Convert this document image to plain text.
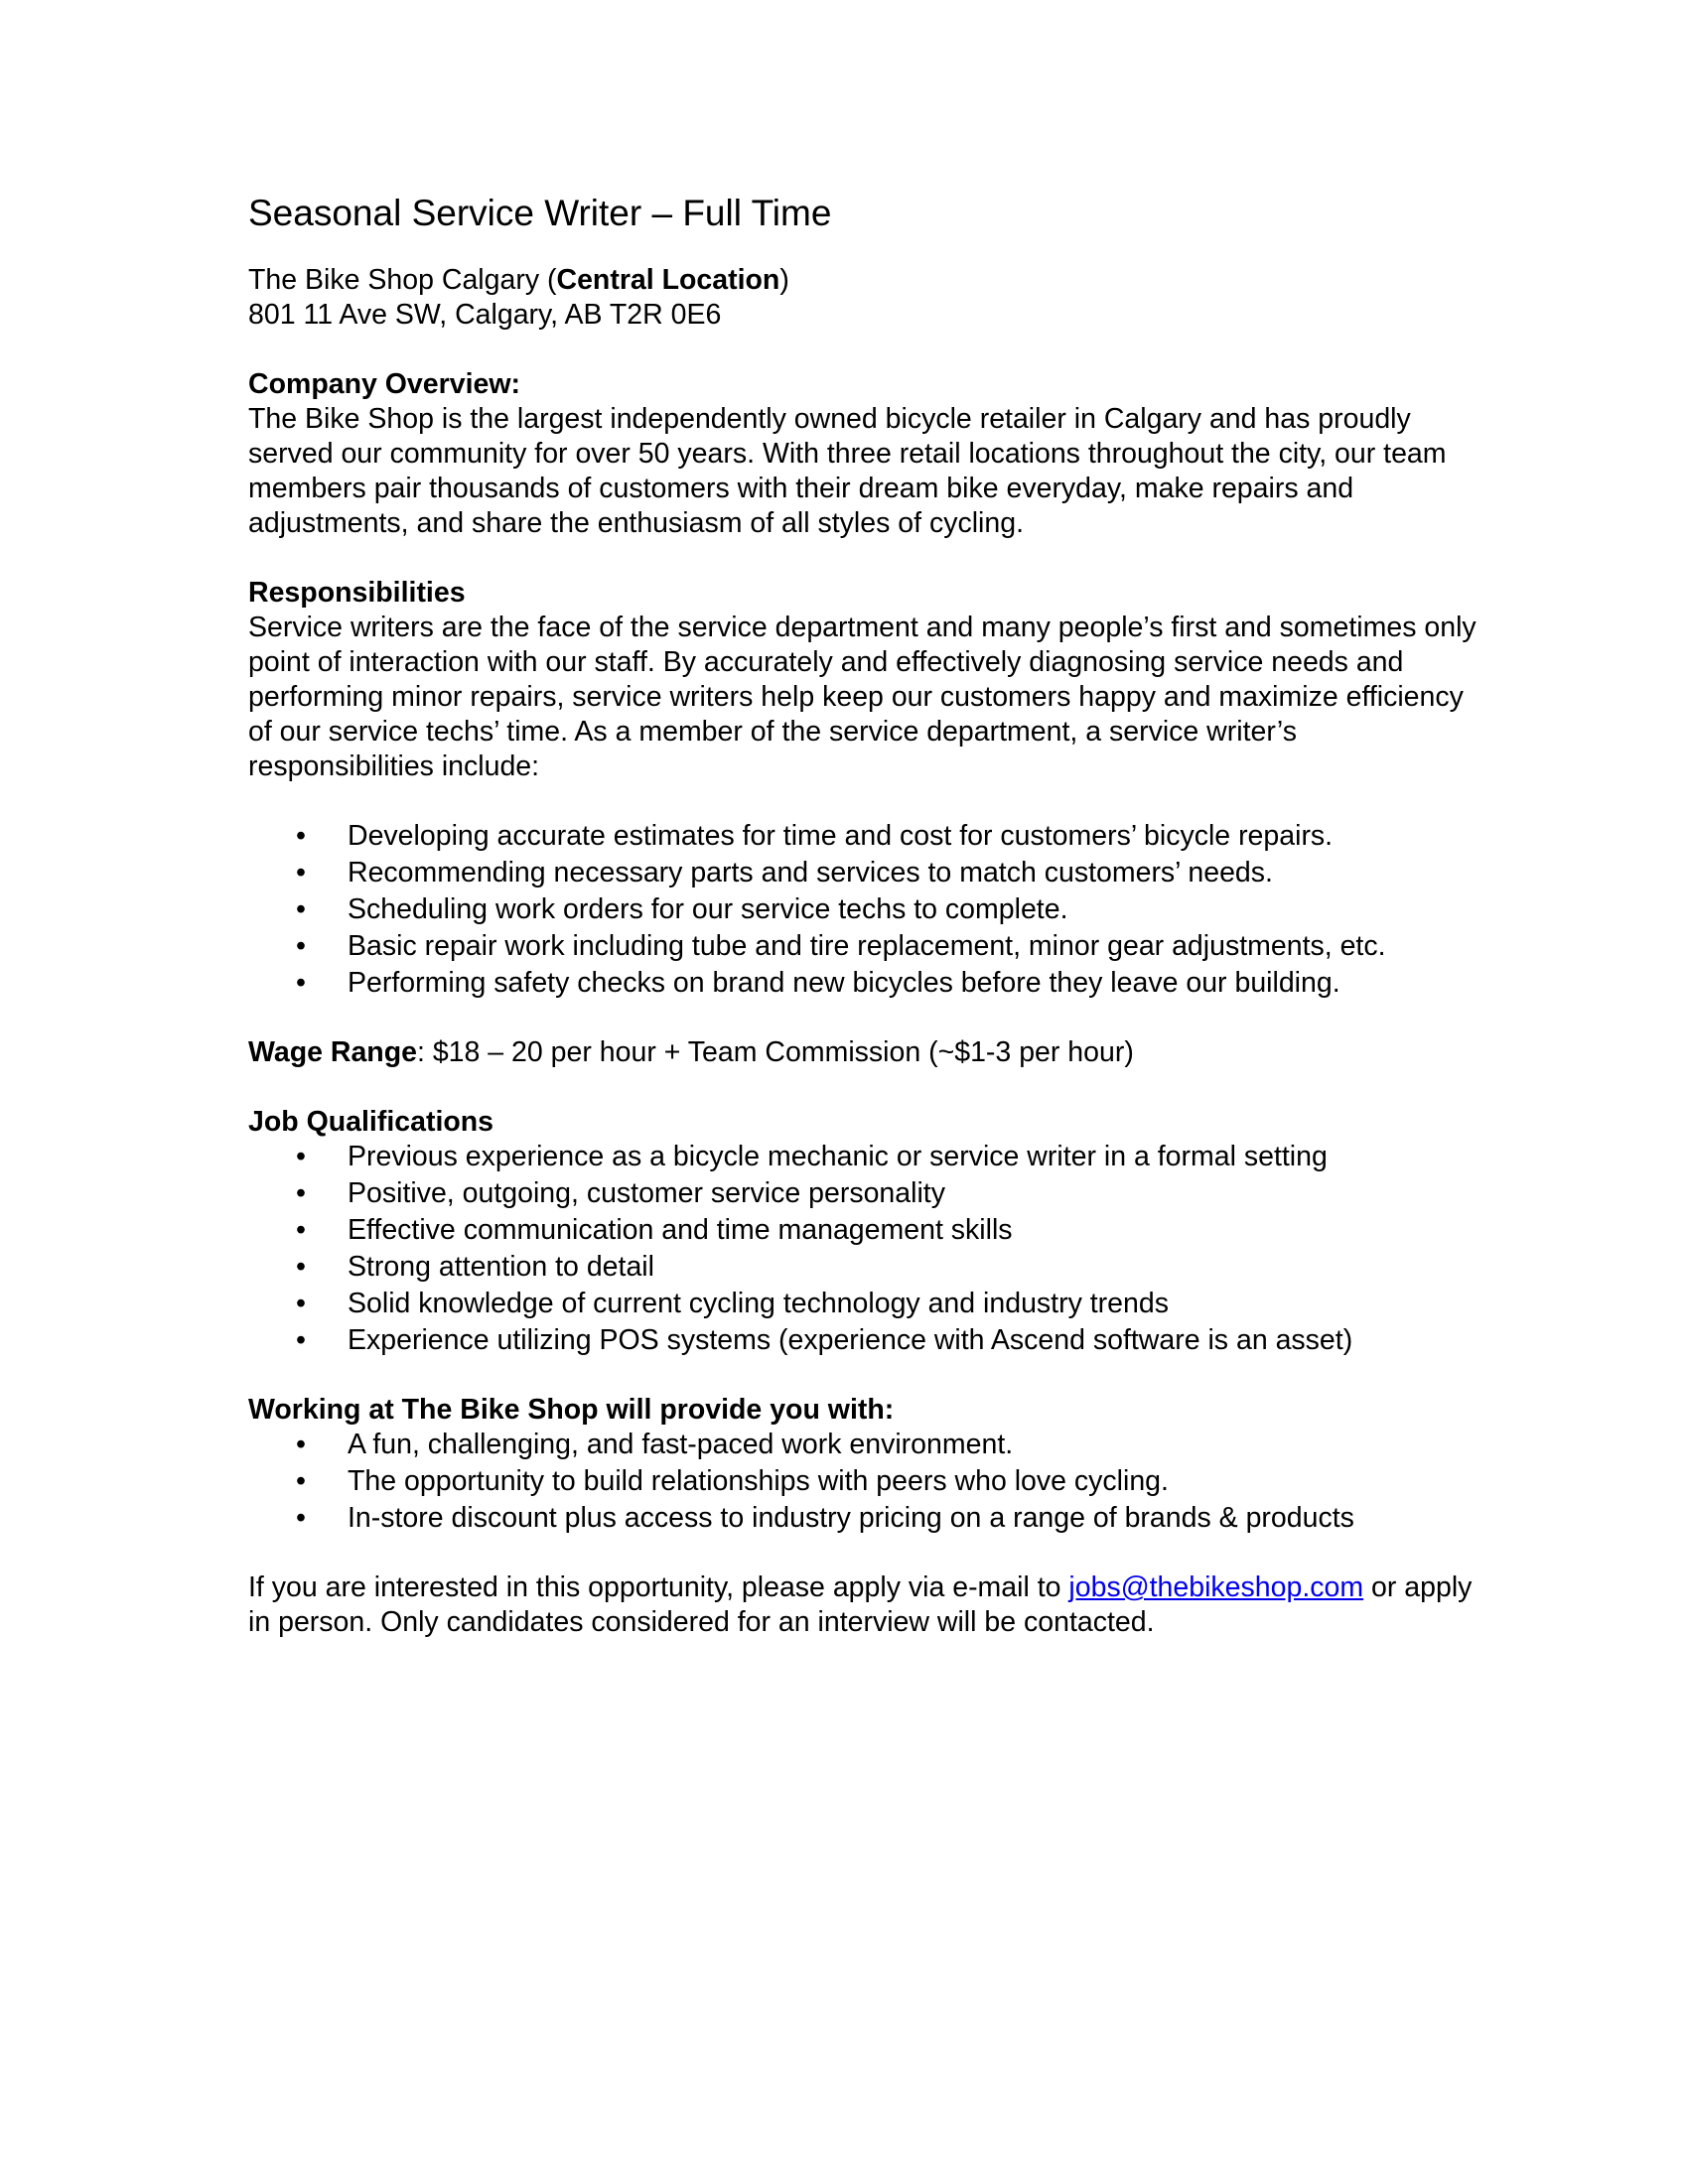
Seasonal Service Writer – Full Time

The Bike Shop Calgary (Central Location)

801 11 Ave SW, Calgary, AB T2R 0E6

Company Overview:

The Bike Shop is the largest independently owned bicycle retailer in Calgary and has proudly served our community for over 50 years. With three retail locations throughout the city, our team members pair thousands of customers with their dream bike everyday, make repairs and adjustments, and share the enthusiasm of all styles of cycling.

Responsibilities

Service writers are the face of the service department and many people’s first and sometimes only point of interaction with our staff. By accurately and effectively diagnosing service needs and performing minor repairs, service writers help keep our customers happy and maximize efficiency of our service techs’ time. As a member of the service department, a service writer’s responsibilities include:

• Developing accurate estimates for time and cost for customers’ bicycle repairs.
• Recommending necessary parts and services to match customers’ needs.
• Scheduling work orders for our service techs to complete.
• Basic repair work including tube and tire replacement, minor gear adjustments, etc.
• Performing safety checks on brand new bicycles before they leave our building.

Wage Range: $18 – 20 per hour + Team Commission (~$1-3 per hour)

Job Qualifications
• Previous experience as a bicycle mechanic or service writer in a formal setting
• Positive, outgoing, customer service personality
• Effective communication and time management skills
• Strong attention to detail
• Solid knowledge of current cycling technology and industry trends
• Experience utilizing POS systems (experience with Ascend software is an asset)
Working at The Bike Shop will provide you with:
• A fun, challenging, and fast-paced work environment.
• The opportunity to build relationships with peers who love cycling.
• In-store discount plus access to industry pricing on a range of brands & products

If you are interested in this opportunity, please apply via e-mail to jobs@thebikeshop.com or apply in person. Only candidates considered for an interview will be contacted.
